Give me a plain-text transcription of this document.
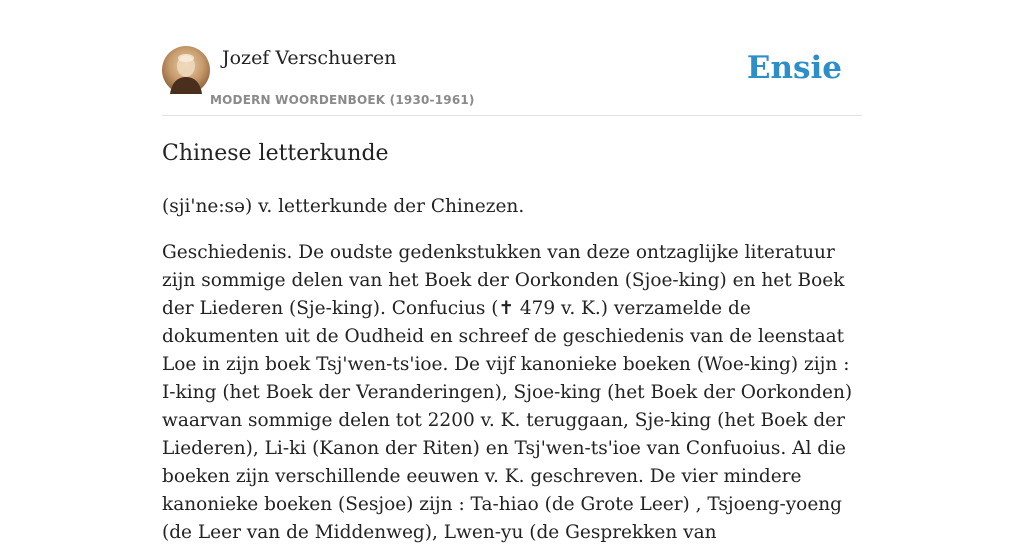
Jozef Verschueren
MODERN WOORDENBOEK (1930-1961)
Ensie
Chinese letterkunde

(sji'ne:sə) v. letterkunde der Chinezen.

Geschiedenis. De oudste gedenkstukken van deze ontzaglijke literatuur zijn sommige delen van het Boek der Oorkonden (Sjoe-king) en het Boek der Liederen (Sje-king). Confucius (✝ 479 v. K.) verzamelde de dokumenten uit de Oudheid en schreef de geschiedenis van de leenstaat Loe in zijn boek Tsj'wen-ts'ioe. De vijf kanonieke boeken (Woe-king) zijn : I-king (het Boek der Veranderingen), Sjoe-king (het Boek der Oorkonden) waarvan sommige delen tot 2200 v. K. teruggaan, Sje-king (het Boek der Liederen), Li-ki (Kanon der Riten) en Tsj'wen-ts'ioe van Confuoius. Al die boeken zijn verschillende eeuwen v. K. geschreven. De vier mindere kanonieke boeken (Sesjoe) zijn : Ta-hiao (de Grote Leer) , Tsjoeng-yoeng (de Leer van de Middenweg), Lwen-yu (de Gesprekken van
